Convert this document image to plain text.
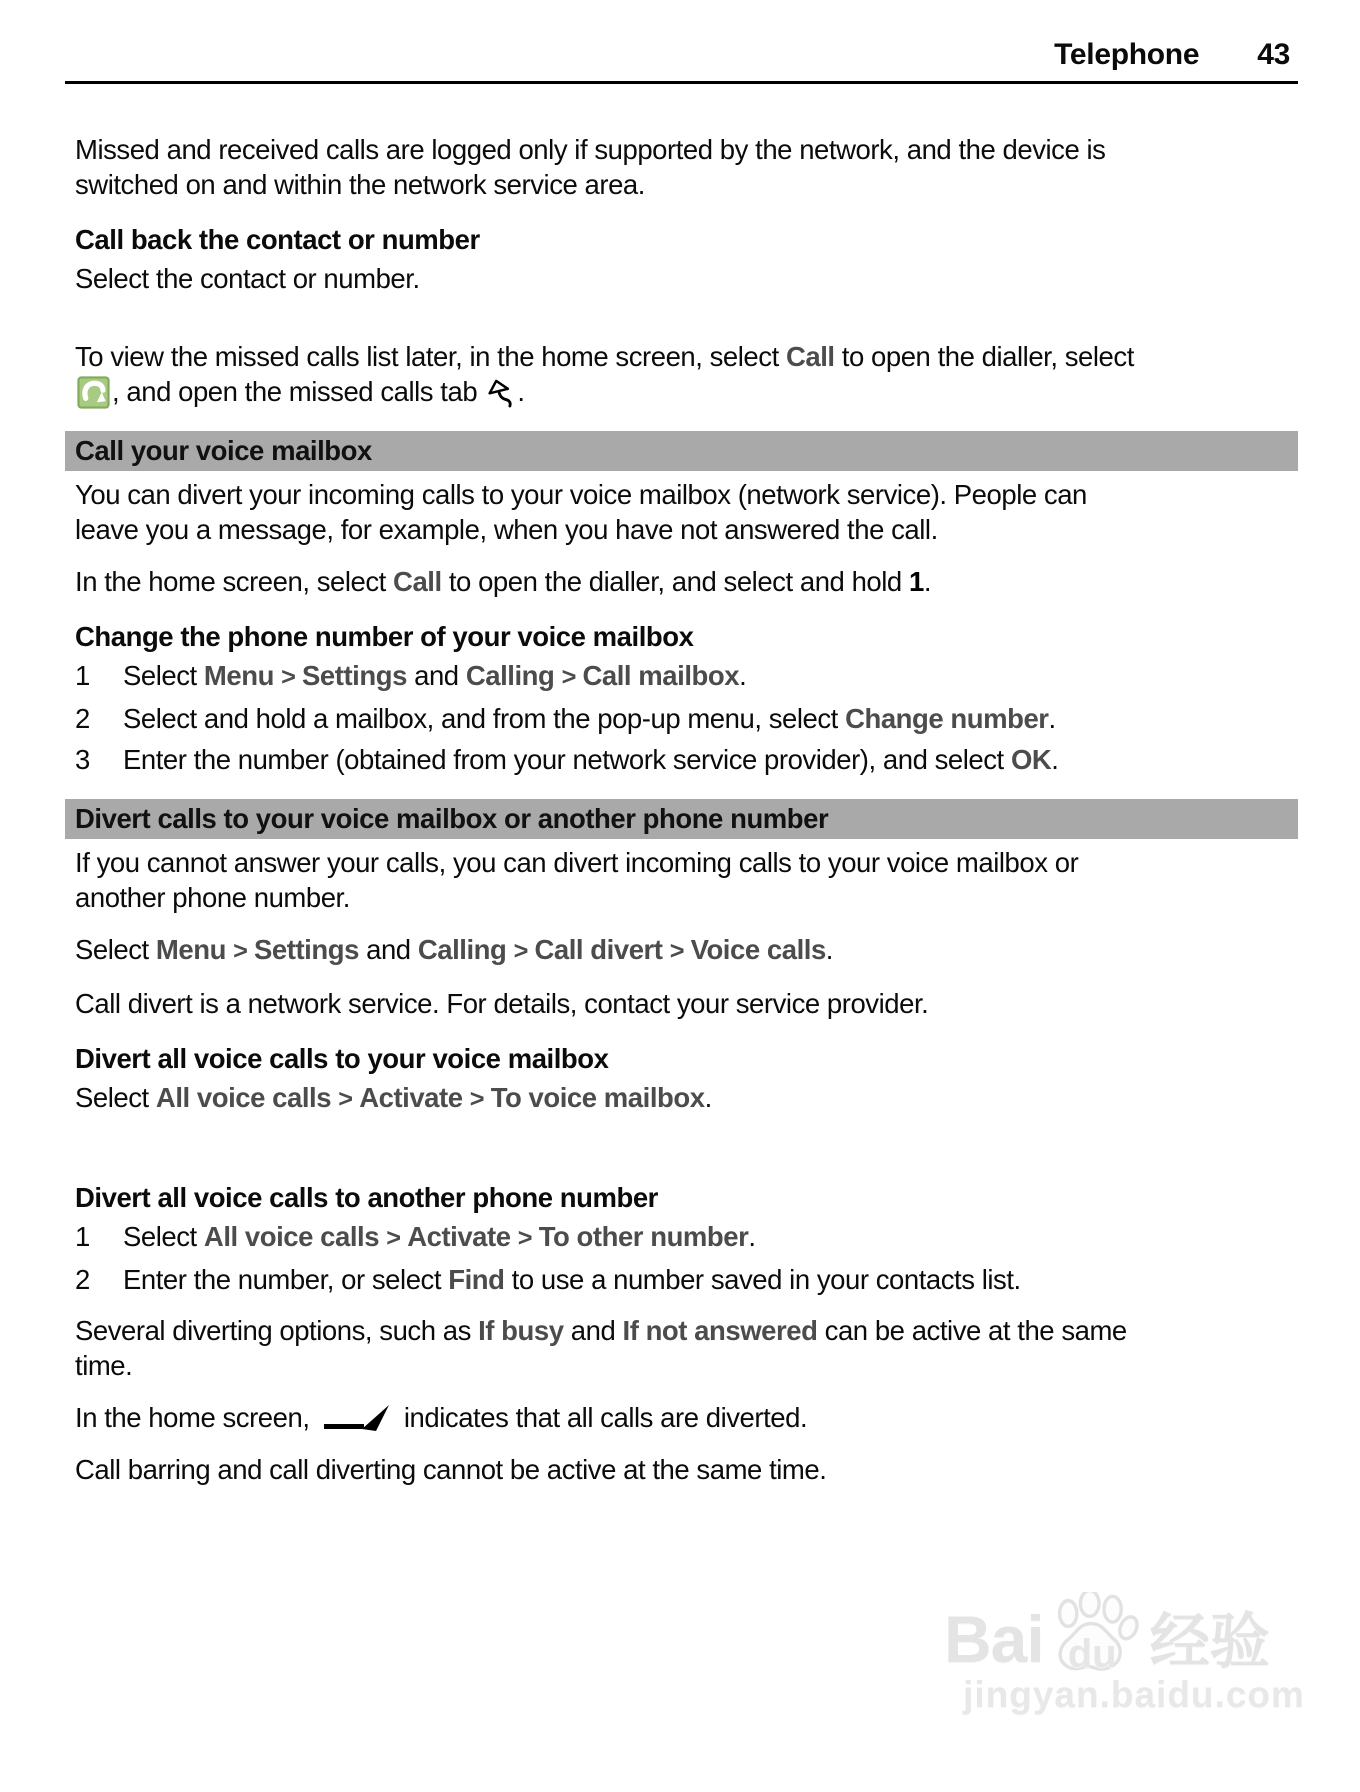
Telephone 43

Missed and received calls are logged only if supported by the network, and the device is switched on and within the network service area.

Call back the contact or number

Select the contact or number.

To view the missed calls list later, in the home screen, select Call to open the dialler, select , and open the missed calls tab .

Call your voice mailbox

You can divert your incoming calls to your voice mailbox (network service). People can leave you a message, for example, when you have not answered the call.

In the home screen, select Call to open the dialler, and select and hold 1.

Change the phone number of your voice mailbox
1	Select Menu > Settings and Calling > Call mailbox.
2	Select and hold a mailbox, and from the pop-up menu, select Change number.
3	Enter the number (obtained from your network service provider), and select OK.
Divert calls to your voice mailbox or another phone number

If you cannot answer your calls, you can divert incoming calls to your voice mailbox or another phone number.

Select Menu > Settings and Calling > Call divert > Voice calls.

Call divert is a network service. For details, contact your service provider.

Divert all voice calls to your voice mailbox

Select All voice calls > Activate > To voice mailbox.

Divert all voice calls to another phone number
1	Select All voice calls > Activate > To other number.
2	Enter the number, or select Find to use a number saved in your contacts list.

Several diverting options, such as If busy and If not answered can be active at the same time.

In the home screen,	indicates that all calls are diverted.

Call barring and call diverting cannot be active at the same time.

Bai du 经验
jingyan.baidu.com
